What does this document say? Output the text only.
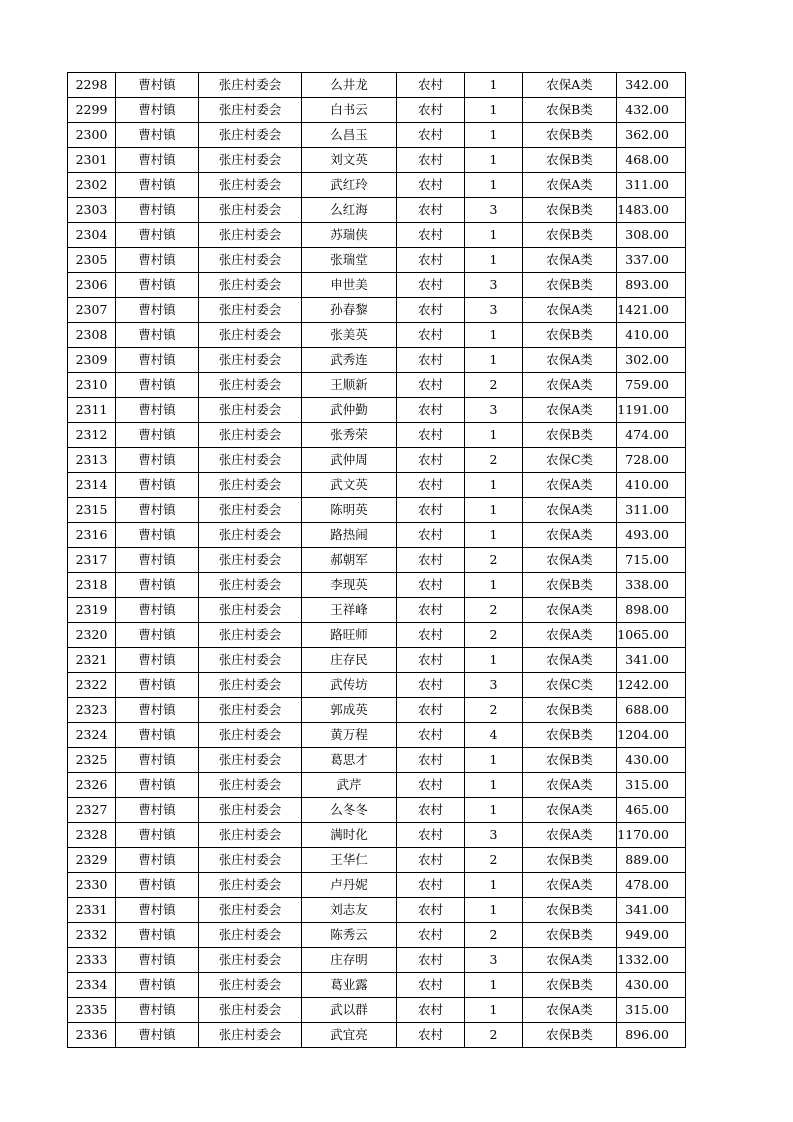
2298	曹村镇	张庄村委会	么井龙	农村	1	农保A类	342.00
2299	曹村镇	张庄村委会	白书云	农村	1	农保B类	432.00
2300	曹村镇	张庄村委会	么昌玉	农村	1	农保B类	362.00
2301	曹村镇	张庄村委会	刘文英	农村	1	农保B类	468.00
2302	曹村镇	张庄村委会	武红玲	农村	1	农保A类	311.00
2303	曹村镇	张庄村委会	么红海	农村	3	农保B类	1483.00
2304	曹村镇	张庄村委会	苏瑞侠	农村	1	农保B类	308.00
2305	曹村镇	张庄村委会	张瑞堂	农村	1	农保A类	337.00
2306	曹村镇	张庄村委会	申世美	农村	3	农保B类	893.00
2307	曹村镇	张庄村委会	孙春黎	农村	3	农保A类	1421.00
2308	曹村镇	张庄村委会	张美英	农村	1	农保B类	410.00
2309	曹村镇	张庄村委会	武秀连	农村	1	农保A类	302.00
2310	曹村镇	张庄村委会	王顺新	农村	2	农保A类	759.00
2311	曹村镇	张庄村委会	武仲勤	农村	3	农保A类	1191.00
2312	曹村镇	张庄村委会	张秀荣	农村	1	农保B类	474.00
2313	曹村镇	张庄村委会	武仲周	农村	2	农保C类	728.00
2314	曹村镇	张庄村委会	武文英	农村	1	农保A类	410.00
2315	曹村镇	张庄村委会	陈明英	农村	1	农保A类	311.00
2316	曹村镇	张庄村委会	路热闹	农村	1	农保A类	493.00
2317	曹村镇	张庄村委会	郝朝军	农村	2	农保A类	715.00
2318	曹村镇	张庄村委会	李现英	农村	1	农保B类	338.00
2319	曹村镇	张庄村委会	王祥峰	农村	2	农保A类	898.00
2320	曹村镇	张庄村委会	路旺师	农村	2	农保A类	1065.00
2321	曹村镇	张庄村委会	庄存民	农村	1	农保A类	341.00
2322	曹村镇	张庄村委会	武传坊	农村	3	农保C类	1242.00
2323	曹村镇	张庄村委会	郭成英	农村	2	农保B类	688.00
2324	曹村镇	张庄村委会	黄万程	农村	4	农保B类	1204.00
2325	曹村镇	张庄村委会	葛思才	农村	1	农保B类	430.00
2326	曹村镇	张庄村委会	武芹	农村	1	农保A类	315.00
2327	曹村镇	张庄村委会	么冬冬	农村	1	农保A类	465.00
2328	曹村镇	张庄村委会	满时化	农村	3	农保A类	1170.00
2329	曹村镇	张庄村委会	王华仁	农村	2	农保B类	889.00
2330	曹村镇	张庄村委会	卢丹妮	农村	1	农保A类	478.00
2331	曹村镇	张庄村委会	刘志友	农村	1	农保B类	341.00
2332	曹村镇	张庄村委会	陈秀云	农村	2	农保B类	949.00
2333	曹村镇	张庄村委会	庄存明	农村	3	农保A类	1332.00
2334	曹村镇	张庄村委会	葛业露	农村	1	农保B类	430.00
2335	曹村镇	张庄村委会	武以群	农村	1	农保A类	315.00
2336	曹村镇	张庄村委会	武宜亮	农村	2	农保B类	896.00
